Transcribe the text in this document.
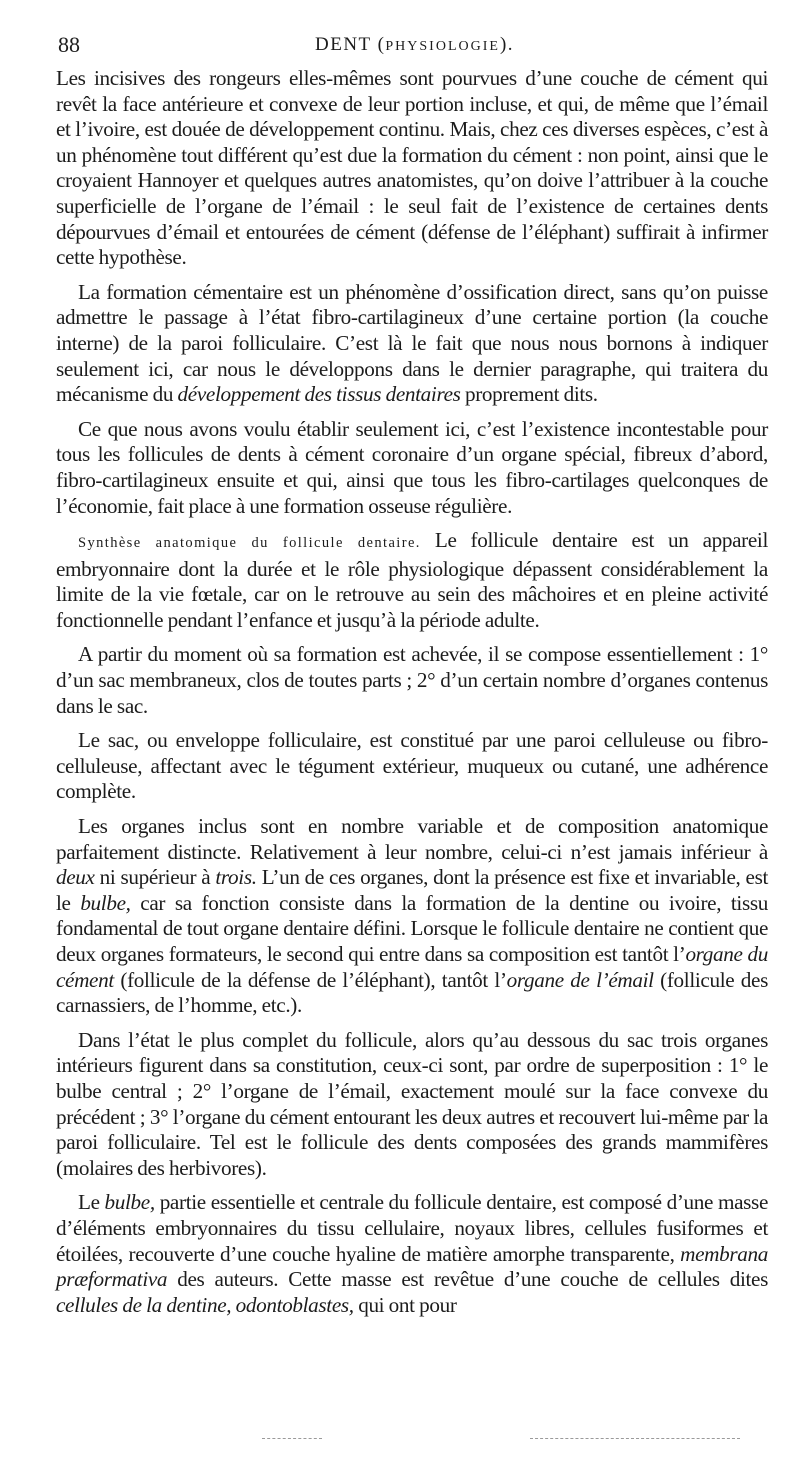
88	DENT (PHYSIOLOGIE).

Les incisives des rongeurs elles-mêmes sont pourvues d’une couche de cément qui revêt la face antérieure et convexe de leur portion incluse, et qui, de même que l’émail et l’ivoire, est douée de développement continu. Mais, chez ces diverses espèces, c’est à un phénomène tout différent qu’est due la formation du cément : non point, ainsi que le croyaient Hannoyer et quelques autres anatomistes, qu’on doive l’attribuer à la couche superficielle de l’organe de l’émail : le seul fait de l’existence de certaines dents dépourvues d’émail et entourées de cément (défense de l’éléphant) suffirait à infirmer cette hypothèse.

La formation cémentaire est un phénomène d’ossification direct, sans qu’on puisse admettre le passage à l’état fibro-cartilagineux d’une certaine portion (la couche interne) de la paroi folliculaire. C’est là le fait que nous nous bornons à indiquer seulement ici, car nous le développons dans le dernier paragraphe, qui traitera du mécanisme du développement des tissus dentaires proprement dits.

Ce que nous avons voulu établir seulement ici, c’est l’existence incontestable pour tous les follicules de dents à cément coronaire d’un organe spécial, fibreux d’abord, fibro-cartilagineux ensuite et qui, ainsi que tous les fibro-cartilages quelconques de l’économie, fait place à une formation osseuse régulière.

Synthèse anatomique du follicule dentaire. Le follicule dentaire est un appareil embryonnaire dont la durée et le rôle physiologique dépassent considérablement la limite de la vie fœtale, car on le retrouve au sein des mâchoires et en pleine activité fonctionnelle pendant l’enfance et jusqu’à la période adulte.

A partir du moment où sa formation est achevée, il se compose essentiellement : 1° d’un sac membraneux, clos de toutes parts ; 2° d’un certain nombre d’organes contenus dans le sac.

Le sac, ou enveloppe folliculaire, est constitué par une paroi celluleuse ou fibro-celluleuse, affectant avec le tégument extérieur, muqueux ou cutané, une adhérence complète.

Les organes inclus sont en nombre variable et de composition anatomique parfaitement distincte. Relativement à leur nombre, celui-ci n’est jamais inférieur à deux ni supérieur à trois. L’un de ces organes, dont la présence est fixe et invariable, est le bulbe, car sa fonction consiste dans la formation de la dentine ou ivoire, tissu fondamental de tout organe dentaire défini. Lorsque le follicule dentaire ne contient que deux organes formateurs, le second qui entre dans sa composition est tantôt l’organe du cément (follicule de la défense de l’éléphant), tantôt l’organe de l’émail (follicule des carnassiers, de l’homme, etc.).

Dans l’état le plus complet du follicule, alors qu’au dessous du sac trois organes intérieurs figurent dans sa constitution, ceux-ci sont, par ordre de superposition : 1° le bulbe central ; 2° l’organe de l’émail, exactement moulé sur la face convexe du précédent ; 3° l’organe du cément entourant les deux autres et recouvert lui-même par la paroi folliculaire. Tel est le follicule des dents composées des grands mammifères (molaires des herbivores).

Le bulbe, partie essentielle et centrale du follicule dentaire, est composé d’une masse d’éléments embryonnaires du tissu cellulaire, noyaux libres, cellules fusiformes et étoilées, recouverte d’une couche hyaline de matière amorphe transparente, membrana præformativa des auteurs. Cette masse est revêtue d’une couche de cellules dites cellules de la dentine, odontoblastes, qui ont pour
